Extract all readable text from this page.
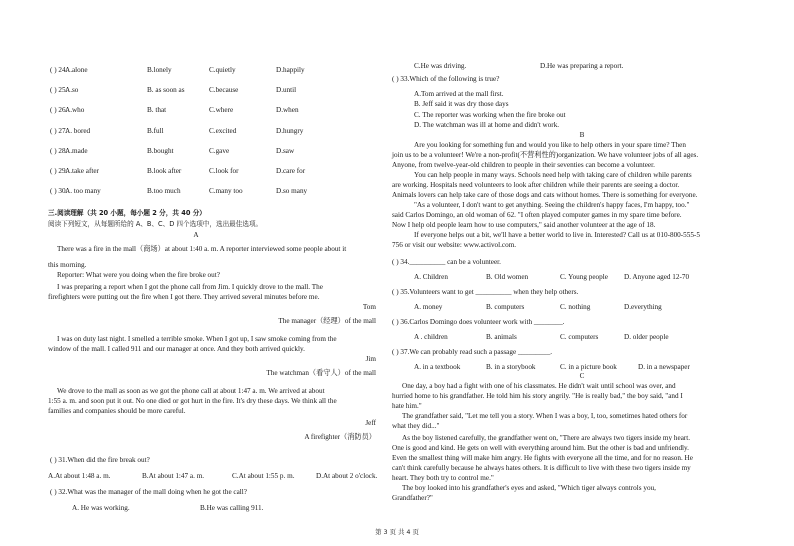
( ) 24.
A.alone	B.lonely	C.quietly	D.happily
( ) 25.
A.so	B. as soon as	C.because	D.until
( ) 26.
A.who	B. that	C.where	D.when
( ) 27.
A. bored	B.full	C.excited	D.hungry
( ) 28.
A.made	B.bought	C.gave	D.saw
( ) 29.
A.take after	B.look after	C.look for	D.care for
( ) 30.
A. too many	B.too much	C.many too	D.so many
三.阅读理解（共 20 小题，每小题 2 分，共 40 分）
阅读下列短文，从每题所给的 A、B、C、D 四个选项中，选出最佳选项。
A
There was a fire in the mall（商场）at about 1:40 a. m. A reporter interviewed some people about it
this morning.
Reporter: What were you doing when the fire broke out?
I was preparing a report when I got the phone call from Jim. I quickly drove to the mall. The
firefighters were putting out the fire when I got there. They arrived several minutes before me.
Tom
The manager（经理）of the mall
I was on duty last night. I smelled a terrible smoke. When I got up, I saw smoke coming from the
window of the mall. I called 911 and our manager at once. And they both arrived quickly.
Jim
The watchman（看守人）of the mall
We drove to the mall as soon as we got the phone call at about 1:47 a. m. We arrived at about
1:55 a. m. and soon put it out. No one died or got hurt in the fire. It's dry these days. We think all the
families and companies should be more careful.
Jeff
A firefighter（消防员）
( ) 31.When did the fire break out?
A.At about 1:48 a. m.	B.At about 1:47 a. m.	C.At about 1:55 p. m.	D.At about 2 o'clock.
( ) 32.What was the manager of the mall doing when he got the call?
A. He was working.	B.He was calling 911.
C.He was driving.	D.He was preparing a report.
( ) 33.Which of the following is true?
A.Tom arrived at the mall first.
B. Jeff said it was dry those days
C. The reporter was working when the fire broke out
D. The watchman was ill at home and didn't work.
B
Are you looking for something fun and would you like to help others in your spare time? Then
join us to be a volunteer! We're a non-profit(不营利性的)organization. We have volunteer jobs of all ages.
Anyone, from twelve-year-old children to people in their seventies can become a volunteer.
You can help people in many ways. Schools need help with taking care of children while parents
are working. Hospitals need volunteers to look after children while their parents are seeing a doctor.
Animals lovers can help take care of those dogs and cats without homes. There is something for everyone.
"As a volunteer, I don't want to get anything. Seeing the children's happy faces, I'm happy, too."
said Carlos Domingo, an old woman of 62. "I often played computer games in my spare time before.
Now I help old people learn how to use computers," said another volunteer at the age of 18.
If everyone helps out a bit, we'll have a better world to live in. Interested? Call us at 010-800-555-5
756 or visit our website: www.activol.com.
( ) 34.__________ can be a volunteer.
A. Children	B. Old women	C. Young people D. Anyone aged 12-70
( ) 35.Volunteers want to get __________ when they help others.
A. money	B. computers	C. nothing	D.everything
( ) 36.Carlos Domingo does volunteer work with ________.
A . children	B. animals	C. computers	D. older people
( ) 37.We can probably read such a passage _________.
A. in a textbook	B. in a storybook	C. in a picture book	D. in a newspaper
C
One day, a boy had a fight with one of his classmates. He didn't wait until school was over, and
hurried home to his grandfather. He told him his story angrily. "He is really bad," the boy said, "and I
hate him."
The grandfather said, "Let me tell you a story. When I was a boy, I, too, sometimes hated others for
what they did..."
As the boy listened carefully, the grandfather went on, "There are always two tigers inside my heart.
One is good and kind. He gets on well with everything around him. But the other is bad and unfriendly.
Even the smallest thing will make him angry. He fights with everyone all the time, and for no reason. He
can't think carefully because he always hates others. It is difficult to live with these two tigers inside my
heart. They both try to control me."
The boy looked into his grandfather's eyes and asked, "Which tiger always controls you,
Grandfather?"
第 3 页 共 4 页
